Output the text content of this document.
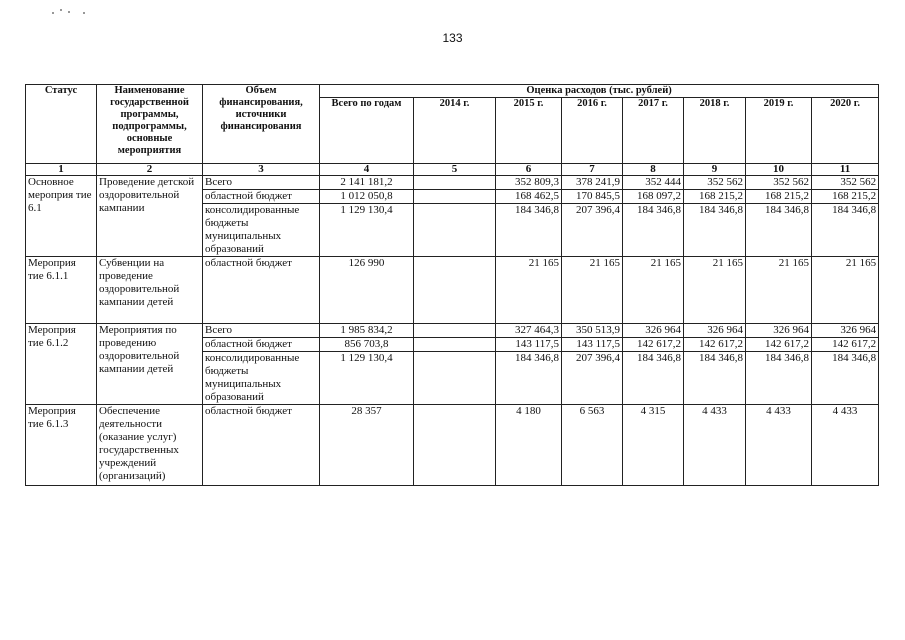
133
Статус	Наименование государственной программы, подпрограммы, основные мероприятия	Объем финансирования, источники финансирования	Оценка расходов (тыс. рублей)							
			Всего по годам	2014 г.	2015 г.	2016 г.	2017 г.	2018 г.	2019 г.	2020 г.
1	2	3	4	5	6	7	8	9	10	11
Основное мероприя тие 6.1	Проведение детской оздоровительной кампании	Всего	2 141 181,2		352 809,3	378 241,9	352 444	352 562	352 562	352 562
		областной бюджет	1 012 050,8		168 462,5	170 845,5	168 097,2	168 215,2	168 215,2	168 215,2
		консолидированные бюджеты муниципальных образований	1 129 130,4		184 346,8	207 396,4	184 346,8	184 346,8	184 346,8	184 346,8
Мероприя тие 6.1.1	Субвенции на проведение оздоровительной кампании детей	областной бюджет	126 990		21 165	21 165	21 165	21 165	21 165	21 165
Мероприя тие 6.1.2	Мероприятия по проведению оздоровительной кампании детей	Всего	1 985 834,2		327 464,3	350 513,9	326 964	326 964	326 964	326 964
		областной бюджет	856 703,8		143 117,5	143 117,5	142 617,2	142 617,2	142 617,2	142 617,2
		консолидированные бюджеты муниципальных образований	1 129 130,4		184 346,8	207 396,4	184 346,8	184 346,8	184 346,8	184 346,8
Мероприя тие 6.1.3	Обеспечение деятельности (оказание услуг) государственных учреждений (организаций)	областной бюджет	28 357		4 180	6 563	4 315	4 433	4 433	4 433
